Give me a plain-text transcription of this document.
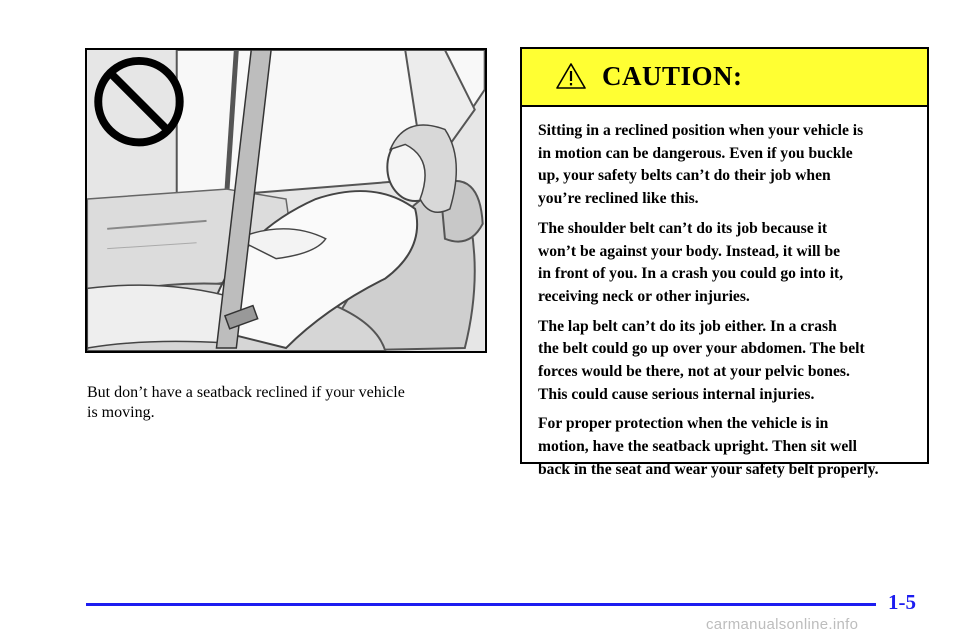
But don’t have a seatback reclined if your vehicle
is moving.

CAUTION:

Sitting in a reclined position when your vehicle is
in motion can be dangerous. Even if you buckle
up, your safety belts can’t do their job when
you’re reclined like this.

The shoulder belt can’t do its job because it
won’t be against your body. Instead, it will be
in front of you. In a crash you could go into it,
receiving neck or other injuries.

The lap belt can’t do its job either. In a crash
the belt could go up over your abdomen. The belt
forces would be there, not at your pelvic bones.
This could cause serious internal injuries.

For proper protection when the vehicle is in
motion, have the seatback upright. Then sit well
back in the seat and wear your safety belt properly.

1-5
carmanualsonline.info
